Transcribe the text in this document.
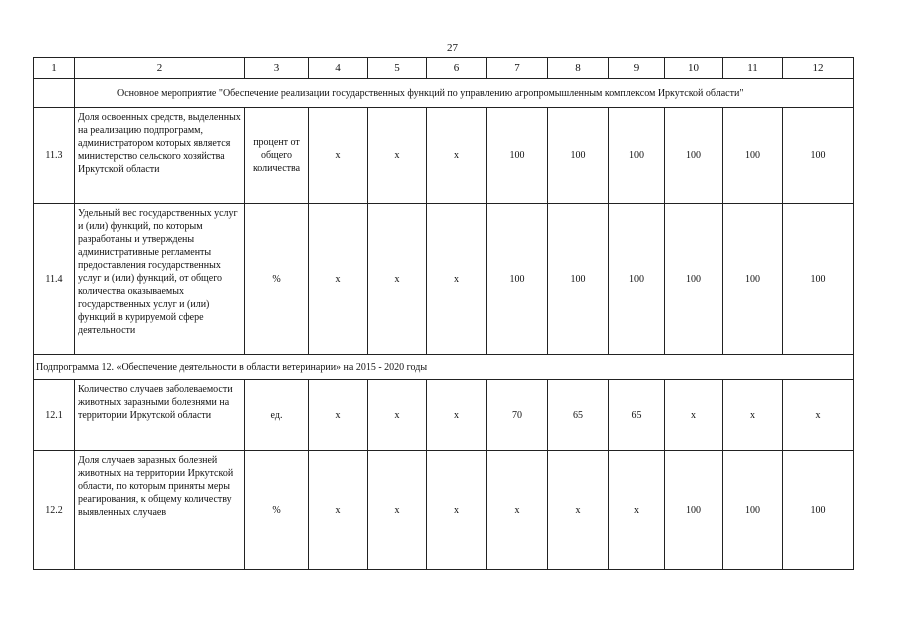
27
1	2	3	4	5	6	7	8	9	10	11	12
	Основное мероприятие "Обеспечение реализации государственных функций по управлению агропромышленным комплексом Иркутской области"										
11.3	Доля освоенных средств, выделенных на реализацию подпрограмм, администратором которых является министерство сельского хозяйства Иркутской области	процент от общего количества	х	х	х	100	100	100	100	100	100
11.4	Удельный вес государственных услуг и (или) функций, по которым разработаны и утверждены административные регламенты предоставления государственных услуг и (или) функций, от общего количества оказываемых государственных услуг и (или) функций в курируемой сфере деятельности	%	х	х	х	100	100	100	100	100	100
Подпрограмма 12. «Обеспечение деятельности в области ветеринарии» на 2015 - 2020 годы											
12.1	Количество случаев заболеваемости животных заразными болезнями на территории Иркутской области	ед.	х	х	х	70	65	65	х	х	х
12.2	Доля случаев заразных болезней животных на территории Иркутской области, по которым приняты меры реагирования, к общему количеству выявленных случаев	%	х	х	х	х	х	х	100	100	100
